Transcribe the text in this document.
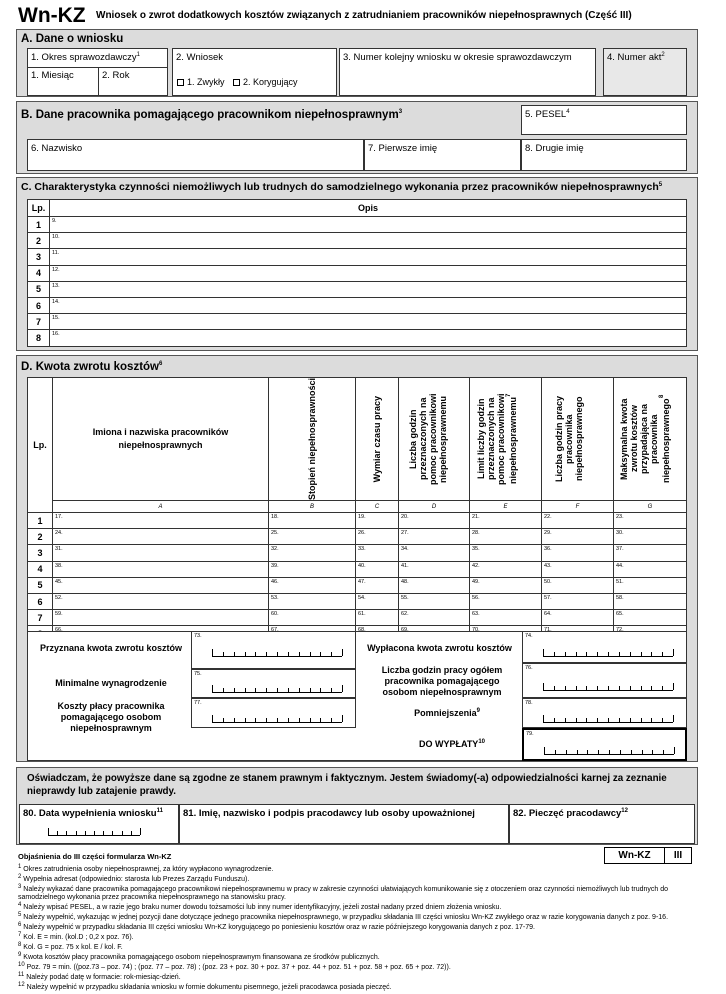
Wn-KZ Wniosek o zwrot dodatkowych kosztów związanych z zatrudnianiem pracowników niepełnosprawnych (Część III)
A. Dane o wniosku
1. Okres sprawozdawczy$^1$
1. Miesiąc	2. Rok
2. Wniosek
1. Zwykły 2. Korygujący
3. Numer kolejny wniosku w okresie sprawozdawczym	4. Numer akt$^2$
B. Dane pracownika pomagającego pracownikom niepełnosprawnym$^3$	5. PESEL$^4$
6. Nazwisko	7. Pierwsze imię	8. Drugie imię
C. Charakterystyka czynności niemożliwych lub trudnych do samodzielnego wykonania przez pracowników niepełnosprawnych$^5$
Lp.	Opis
1	9.
2	10.
3	11.
4	12.
5	13.
6	14.
7	15.
8	16.
D. Kwota zwrotu kosztów$^6$
Lp.	Imiona i nazwiska pracowników niepełnosprawnych	Stopień niepełnosprawności	Wymiar czasu pracy	Liczba godzin przeznaczonych na pomoc pracownikowi niepełnosprawnemu	Limit liczby godzin przeznaczonych na pomoc pracownikowi niepełnosprawnemu$^7$	Liczba godzin pracy pracownika niepełnosprawnego	Maksymalna kwota zwrotu kosztów przypadająca na pracownika niepełnosprawnego$^8$

	A	B	C	D	E	F	G
1	17.	18.	19.	20.	21.	22.	23.
2	24.	25.	26.	27.	28.	29.	30.
3	31.	32.	33.	34.	35.	36.	37.
4	38.	39.	40.	41.	42.	43.	44.
5	45.	46.	47.	48.	49.	50.	51.
6	52.	53.	54.	55.	56.	57.	58.
7	59.	60.	61.	62.	63.	64.	65.

Przyznana kwota zwrotu kosztów
73.
Minimalne wynagrodzenie
75.
Koszty płacy pracownika pomagającego osobom niepełnosprawnym
77.
Wypłacona kwota zwrotu kosztów
74.
Liczba godzin pracy ogółem pracownika pomagającego osobom niepełnosprawnym
76.
Pomniejszenia$^9$
78.
DO WYPŁATY$^{10}$
79.
Oświadczam, że powyższe dane są zgodne ze stanem prawnym i faktycznym. Jestem świadomy(-a) odpowiedzialności karnej za zeznanie nieprawdy lub zatajenie prawdy.
80. Data wypełnienia wniosku$^{11}$ 81. Imię, nazwisko i podpis pracodawcy lub osoby upoważnionej	82. Pieczęć pracodawcy$^{12}$
Objaśnienia do III części formularza Wn-KZ	Wn-KZ	III
$^1$ Okres zatrudnienia osoby niepełnosprawnej, za który wypłacono wynagrodzenie.
$^2$ Wypełnia adresat (odpowiednio: starosta lub Prezes Zarządu Funduszu).
$^3$ Należy wykazać dane pracownika pomagającego pracownikowi niepełnosprawnemu w pracy w zakresie czynności ułatwiających komunikowanie się z otoczeniem oraz czynności niemożliwych lub trudnych do samodzielnego wykonania przez pracownika niepełnosprawnego na stanowisku pracy.
$^4$ Należy wpisać PESEL, a w razie jego braku numer dowodu tożsamości lub inny numer identyfikacyjny, jeżeli został nadany przed dniem złożenia wniosku.
$^5$ Należy wypełnić, wykazując w jednej pozycji dane dotyczące jednego pracownika niepełnosprawnego, w przypadku składania III części wniosku Wn-KZ zwykłego oraz w razie korygowania danych z poz. 9-16.
$^6$ Należy wypełnić w przypadku składania III części wniosku Wn-KZ korygującego po poniesieniu kosztów oraz w razie późniejszego korygowania danych z poz. 17-79.
$^7$ Kol. E = min. (kol.D ; 0,2 x poz. 76).
$^8$ Kol. G = poz. 75 x kol. E / kol. F.
$^9$ Kwota kosztów płacy pracownika pomagającego osobom niepełnosprawnym finansowana ze środków publicznych.
$^{10}$ Poz. 79 = min. ((poz.73 – poz. 74) ; (poz. 77 – poz. 78) ; (poz. 23 + poz. 30 + poz. 37 + poz. 44 + poz. 51 + poz. 58 + poz. 65 + poz. 72)).
$^{11}$ Należy podać datę w formacie: rok-miesiąc-dzień.
$^{12}$ Należy wypełnić w przypadku składania wniosku w formie dokumentu pisemnego, jeżeli pracodawca posiada pieczęć.
